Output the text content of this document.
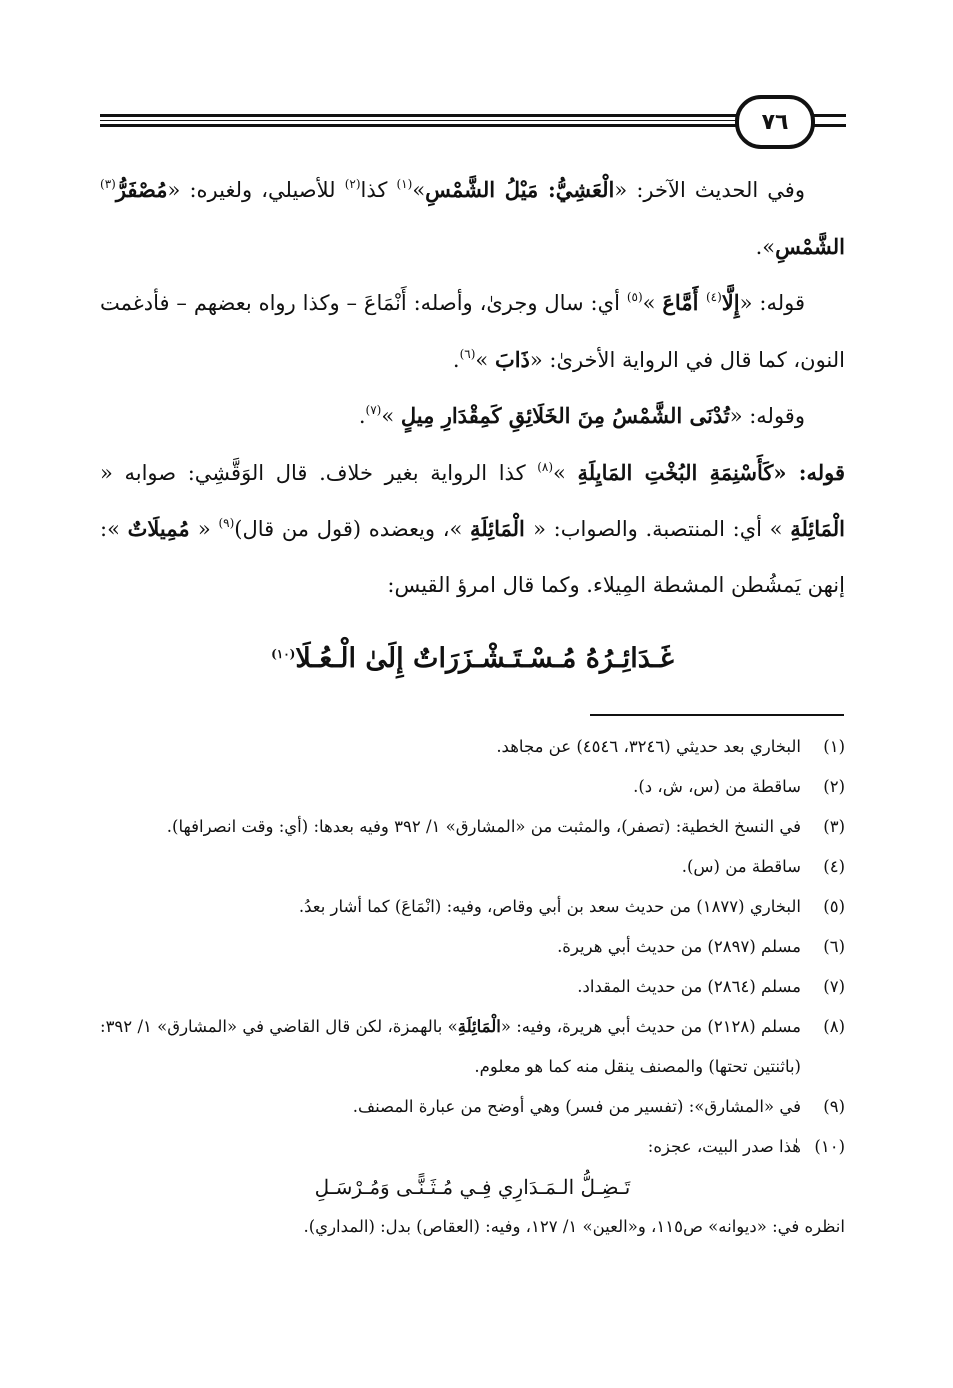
٧٦

وفي الحديث الآخر: «الْعَشِيُّ: مَيْلُ الشَّمْسِ»$^{(١)}$ كذا$^{(٢)}$ للأصيلي، ولغيره: «مُصْفَرُّ$^{(٣)}$ الشَّمْسِ».

قوله: «إِلَّا$^{(٤)}$ أَمَّاعَ »$^{(٥)}$ أي: سال وجرىٰ، وأصله: أَنْمَاعَ – وكذا رواه بعضهم – فأدغمت النون، كما قال في الرواية الأخرىٰ: «ذَابَ »$^{(٦)}$.

وقوله: «تُدْنَى الشَّمْسُ مِنَ الخَلَائِقِ كَمِقْدَارِ مِيلٍ »$^{(٧)}$.

قوله: «كَأَسْنِمَةِ البُخْتِ المَايِلَةِ »$^{(٨)}$ كذا الرواية بغير خلاف. قال الوَقَّشِي: صوابه « الْمَائِلَةِ » أي: المنتصبة. والصواب: « الْمَائِلَةِ »، ويعضده (قول من قال)$^{(٩)}$ « مُمِيلَاتٌ »: إنهن يَمشُطن المشطة المِيلاء. وكما قال امرؤ القيس:

غَـدَائِـرُهُ مُـسْـتَـشْـزَرَاتٌ إِلَىٰ الْـعُـلَا$^{(١٠)}$
(١)
البخاري بعد حديثي (٣٢٤٦، ٤٥٤٦) عن مجاهد.
(٢)
ساقطة من (س، ش، د).
(٣)
في النسخ الخطية: (تصفر)، والمثبت من «المشارق» ١/ ٣٩٢ وفيه بعدها: (أي: وقت انصرافها).
(٤)
ساقطة من (س).
(٥)
البخاري (١٨٧٧) من حديث سعد بن أبي وقاص، وفيه: (انْمَاعَ) كما أشار بعدُ.
(٦)
مسلم (٢٨٩٧) من حديث أبي هريرة.
(٧)
مسلم (٢٨٦٤) من حديث المقداد.
(٨)
مسلم (٢١٢٨) من حديث أبي هريرة، وفيه: «الْمَائِلَةِ» بالهمزة، لكن قال القاضي في «المشارق» ١/ ٣٩٢: (باثنتين تحتها) والمصنف ينقل منه كما هو معلوم.
(٩)
في «المشارق»: (تفسير من فسر) وهي أوضح من عبارة المصنف.
(١٠)
هٰذا صدر البيت، عجزه:
تَـضِـلُّ الـمَـدَارِي فِـي مُـثَـنًّـى وَمُـرْسَـلِ
انظره في: «ديوانه» ص١١٥، و«العين» ١/ ١٢٧، وفيه: (العقاص) بدل: (المداري).
